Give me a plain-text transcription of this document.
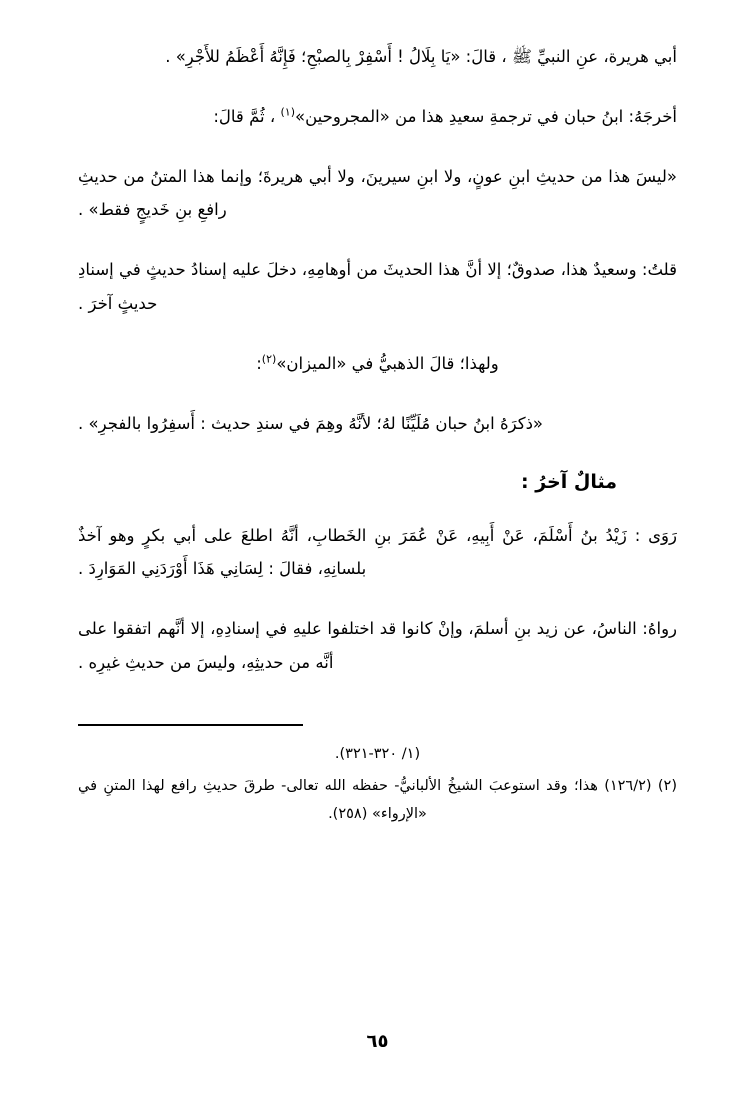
أبي هريرة، عنِ النبيِّ ﷺ ، قالَ: «يَا بِلَالُ ! أَسْفِرْ بِالصبْحِ؛ فَإِنَّهُ أَعْظَمُ للأَجْرِ» .

أخرجَهُ: ابنُ حبان في ترجمةِ سعيدِ هذا من «المجروحين»‏$^{(١)}$ ، ثُمَّ قالَ:

«ليسَ هذا من حديثِ ابنِ عونٍ، ولا ابنِ سيرينَ، ولا أبي هريرةَ؛ وإنما هذا المتنُ من حديثِ رافعِ بنِ خَديجٍ فقط» .

قلتُ: وسعيدٌ هذا، صدوقٌ؛ إلا أنَّ هذا الحديثَ من أوهامِهِ، دخلَ عليه إسنادُ حديثٍ في إسنادِ حديثٍ آخرَ .

ولهذا؛ قالَ الذهبيُّ في «الميزان»$^{(٢)}$:

«ذكرَهُ ابنُ حبان مُلَيِّنًا لهُ؛ لأنَّهُ وهِمَ في سندِ حديث : أَسفِرُوا بالفجرِ» .

مثالٌ آخرُ :

رَوَى : زَيْدُ بنُ أَسْلَمَ، عَنْ أَبِيهِ، عَنْ عُمَرَ بنِ الخَطابِ، أنَّهُ اطلعَ على أبي بكرٍ وهو آخذٌ بلسانِهِ، فقالَ : لِسَانِي هَذَا أَوْرَدَنِي المَوَارِدَ .

رواهُ: الناسُ، عن زيد بنِ أسلمَ، وإنْ كانوا قد اختلفوا عليهِ في إسنادِهِ، إلا أنَّهم اتفقوا على أنَّه من حديثِهِ، وليسَ من حديثِ غيرِه .

(١/ ٣٢٠-٣٢١).

(٢) (١٢٦/٢) هذا؛ وقد استوعبَ الشيخُ الألبانيُّ- حفظه الله تعالى- طرقَ حديثِ رافع لهذا المتنِ في «الإرواء» (٢٥٨).

٦٥
